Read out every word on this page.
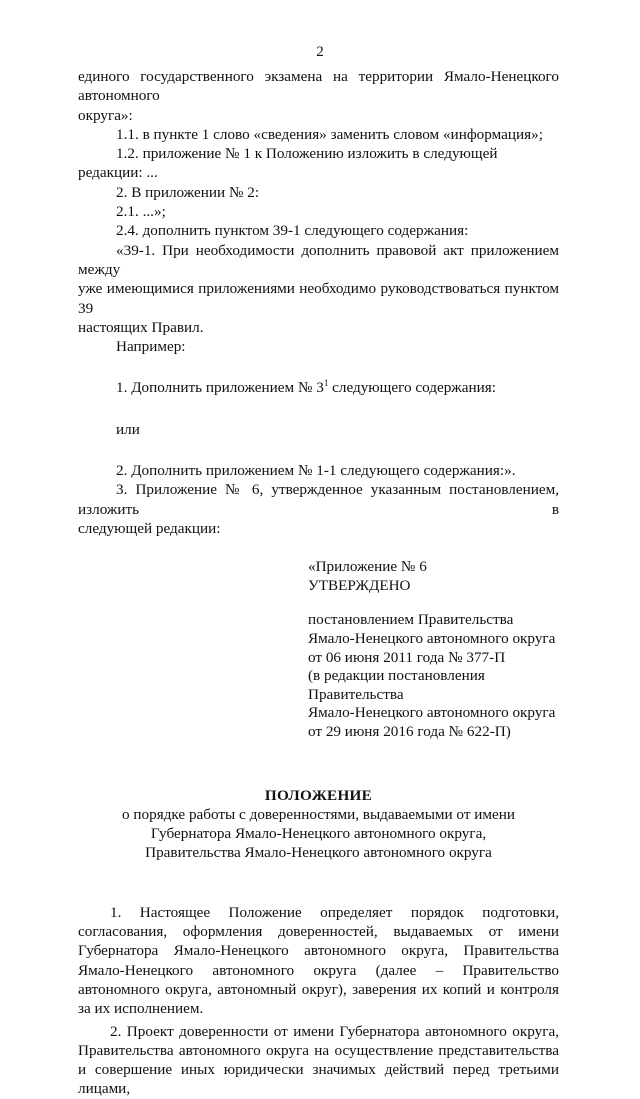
2
единого государственного экзамена на территории Ямало-Ненецкого автономного
округа»:
1.1. в пункте 1 слово «сведения» заменить словом «информация»;
1.2. приложение № 1 к Положению изложить в следующей редакции: ...
2. В приложении № 2:
2.1. ...»;
2.4. дополнить пунктом 39-1 следующего содержания:
«39-1. При необходимости дополнить правовой акт приложением между
уже имеющимися приложениями необходимо руководствоваться пунктом 39
настоящих Правил.
Например:
1. Дополнить приложением № $3^1$ следующего содержания:
или
2. Дополнить приложением № 1-1 следующего содержания:».
3. Приложение № 6, утвержденное указанным постановлением, изложить в
следующей редакции:
«Приложение № 6
УТВЕРЖДЕНО
постановлением Правительства
Ямало-Ненецкого автономного округа
от 06 июня 2011 года № 377-П
(в редакции постановления Правительства
Ямало-Ненецкого автономного округа
от 29 июня 2016 года № 622-П)
ПОЛОЖЕНИЕ
о порядке работы с доверенностями, выдаваемыми от имени
Губернатора Ямало-Ненецкого автономного округа,
Правительства Ямало-Ненецкого автономного округа
1. Настоящее Положение определяет порядок подготовки, согласования, оформления доверенностей, выдаваемых от имени Губернатора Ямало-Ненецкого автономного округа, Правительства Ямало-Ненецкого автономного округа (далее – Правительство автономного округа, автономный округ), заверения их копий и контроля за их исполнением.
2. Проект доверенности от имени Губернатора автономного округа, Правительства автономного округа на осуществление представительства и совершение иных юридически значимых действий перед третьими лицами,
